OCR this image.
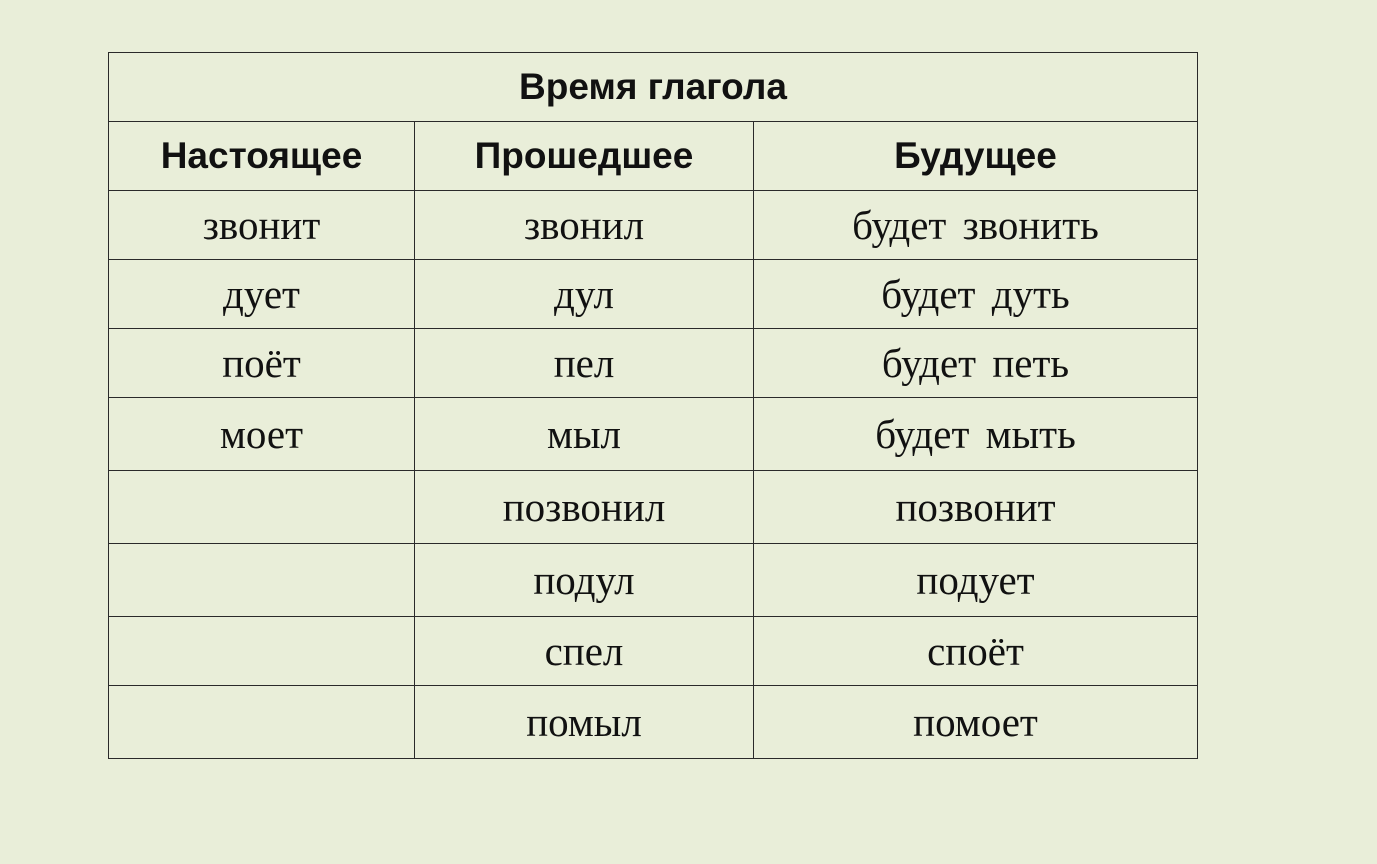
Время глагола		
Настоящее	Прошедшее	Будущее
звонит	звонил	будет звонить
дует	дул	будет дуть
поёт	пел	будет петь
моет	мыл	будет мыть
	позвонил	позвонит
	подул	подует
	спел	споёт
	помыл	помоет
